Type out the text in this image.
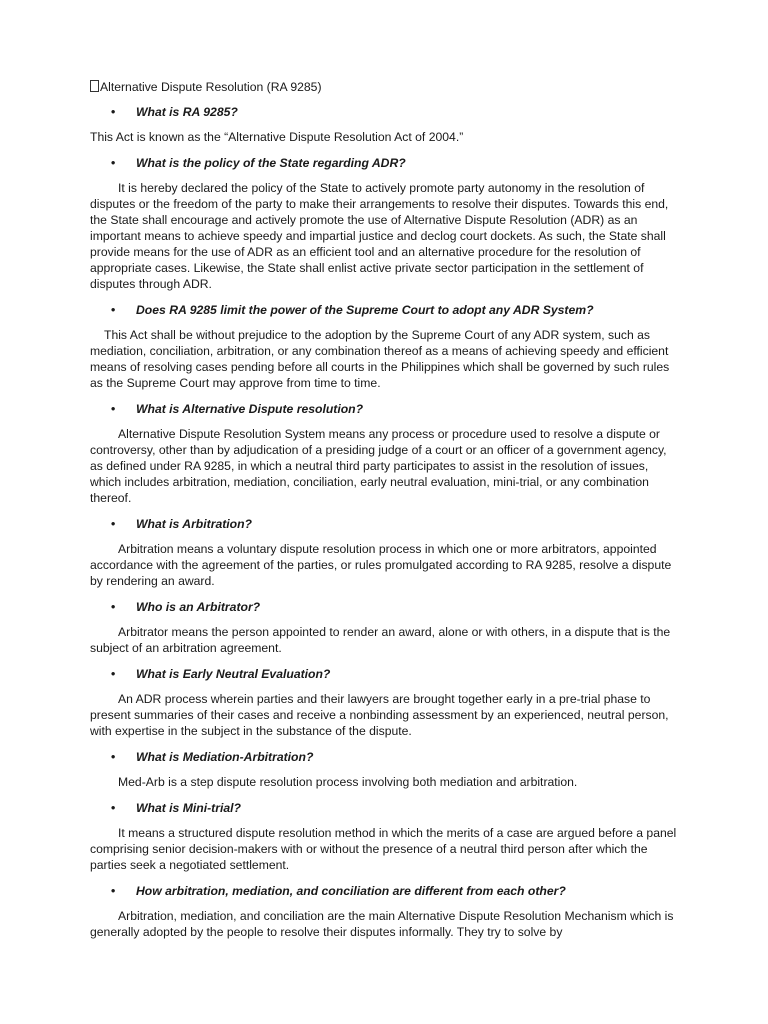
Alternative Dispute Resolution (RA 9285)

• What is RA 9285?

This Act is known as the “Alternative Dispute Resolution Act of 2004.”

• What is the policy of the State regarding ADR?

It is hereby declared the policy of the State to actively promote party autonomy in the resolution of disputes or the freedom of the party to make their arrangements to resolve their disputes. Towards this end, the State shall encourage and actively promote the use of Alternative Dispute Resolution (ADR) as an important means to achieve speedy and impartial justice and declog court dockets. As such, the State shall provide means for the use of ADR as an efficient tool and an alternative procedure for the resolution of appropriate cases. Likewise, the State shall enlist active private sector participation in the settlement of disputes through ADR.

• Does RA 9285 limit the power of the Supreme Court to adopt any ADR System?

This Act shall be without prejudice to the adoption by the Supreme Court of any ADR system, such as mediation, conciliation, arbitration, or any combination thereof as a means of achieving speedy and efficient means of resolving cases pending before all courts in the Philippines which shall be governed by such rules as the Supreme Court may approve from time to time.

• What is Alternative Dispute resolution?

Alternative Dispute Resolution System means any process or procedure used to resolve a dispute or controversy, other than by adjudication of a presiding judge of a court or an officer of a government agency, as defined under RA 9285, in which a neutral third party participates to assist in the resolution of issues, which includes arbitration, mediation, conciliation, early neutral evaluation, mini-trial, or any combination thereof.

• What is Arbitration?

Arbitration means a voluntary dispute resolution process in which one or more arbitrators, appointed accordance with the agreement of the parties, or rules promulgated according to RA 9285, resolve a dispute by rendering an award.

• Who is an Arbitrator?

Arbitrator means the person appointed to render an award, alone or with others, in a dispute that is the subject of an arbitration agreement.

• What is Early Neutral Evaluation?

An ADR process wherein parties and their lawyers are brought together early in a pre-trial phase to present summaries of their cases and receive a nonbinding assessment by an experienced, neutral person, with expertise in the subject in the substance of the dispute.

• What is Mediation-Arbitration?

Med-Arb is a step dispute resolution process involving both mediation and arbitration.

• What is Mini-trial?

It means a structured dispute resolution method in which the merits of a case are argued before a panel comprising senior decision-makers with or without the presence of a neutral third person after which the parties seek a negotiated settlement.

• How arbitration, mediation, and conciliation are different from each other?

Arbitration, mediation, and conciliation are the main Alternative Dispute Resolution Mechanism which is generally adopted by the people to resolve their disputes informally. They try to solve by
